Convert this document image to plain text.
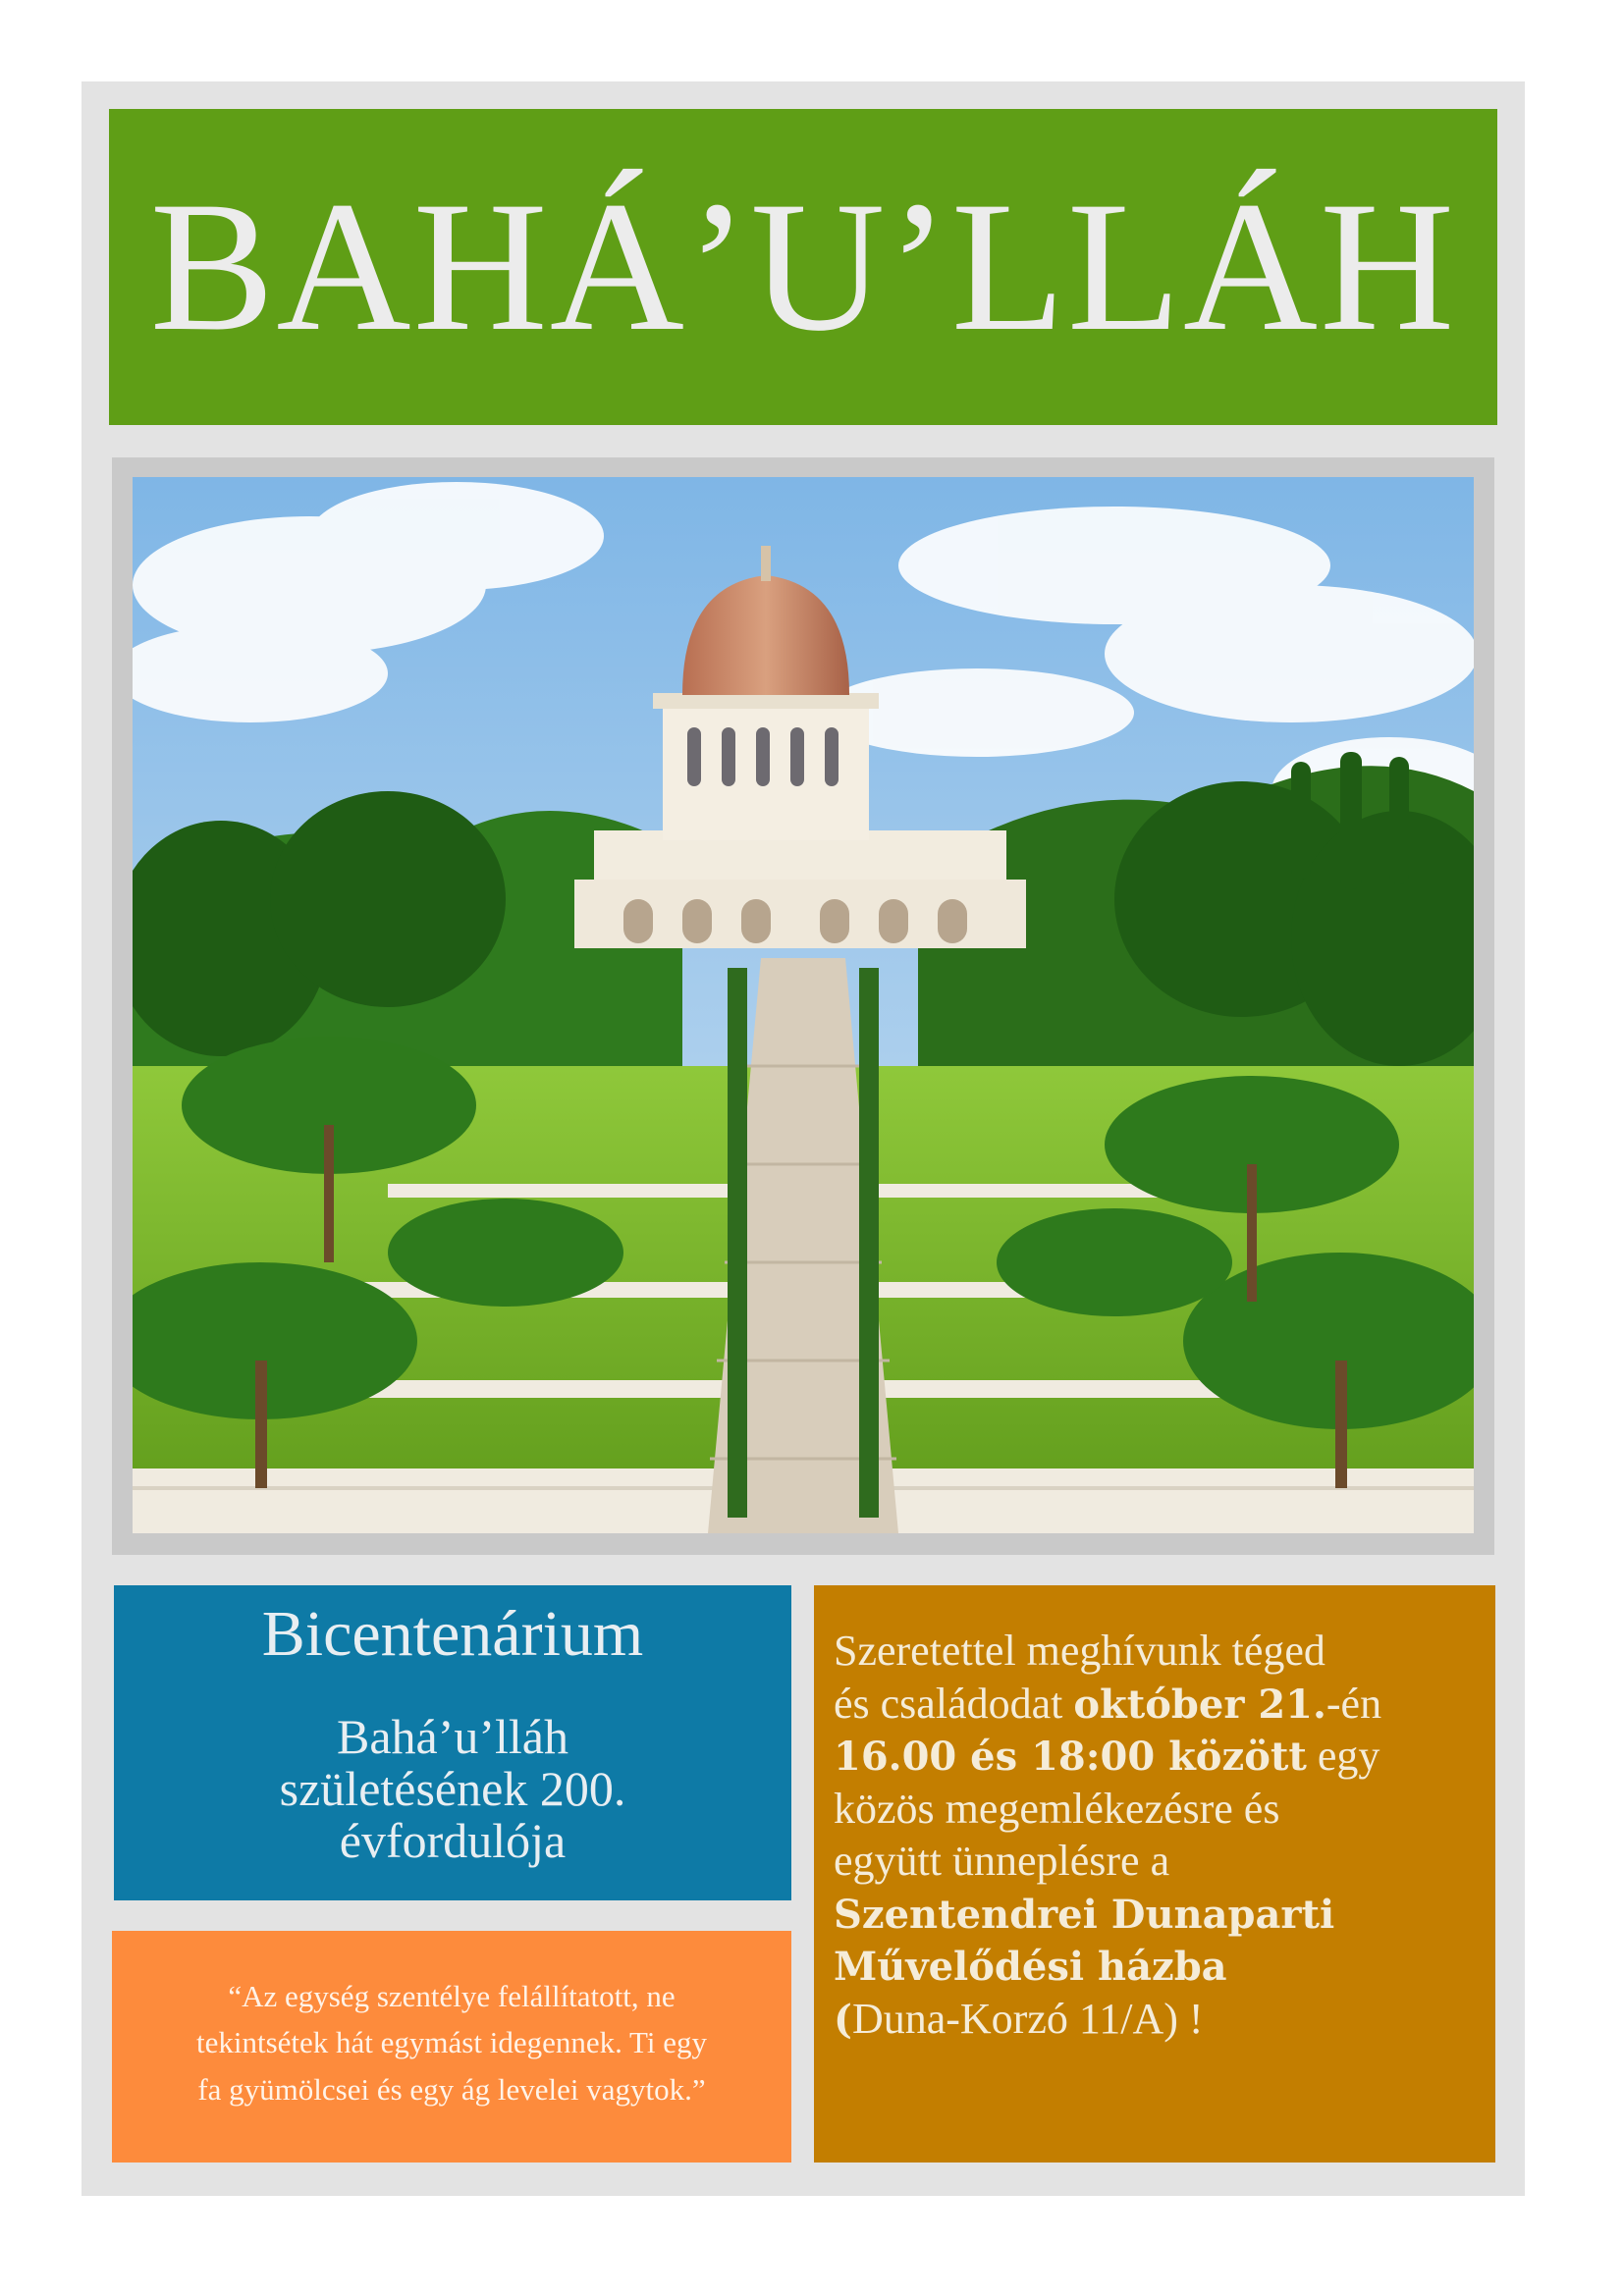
BAHÁ’U’LLÁH
Bicentenárium
Bahá’u’lláh
születésének 200.
évfordulója
“Az egység szentélye felállítatott, ne
tekintsétek hát egymást idegennek. Ti egy
fa gyümölcsei és egy ág levelei vagytok.”
Szeretettel meghívunk téged
és családodat október 21.-én
16.00 és 18:00 között egy
közös megemlékezésre és
együtt ünneplésre a
Szentendrei Dunaparti
Művelődési házba
(Duna-Korzó 11/A) !
